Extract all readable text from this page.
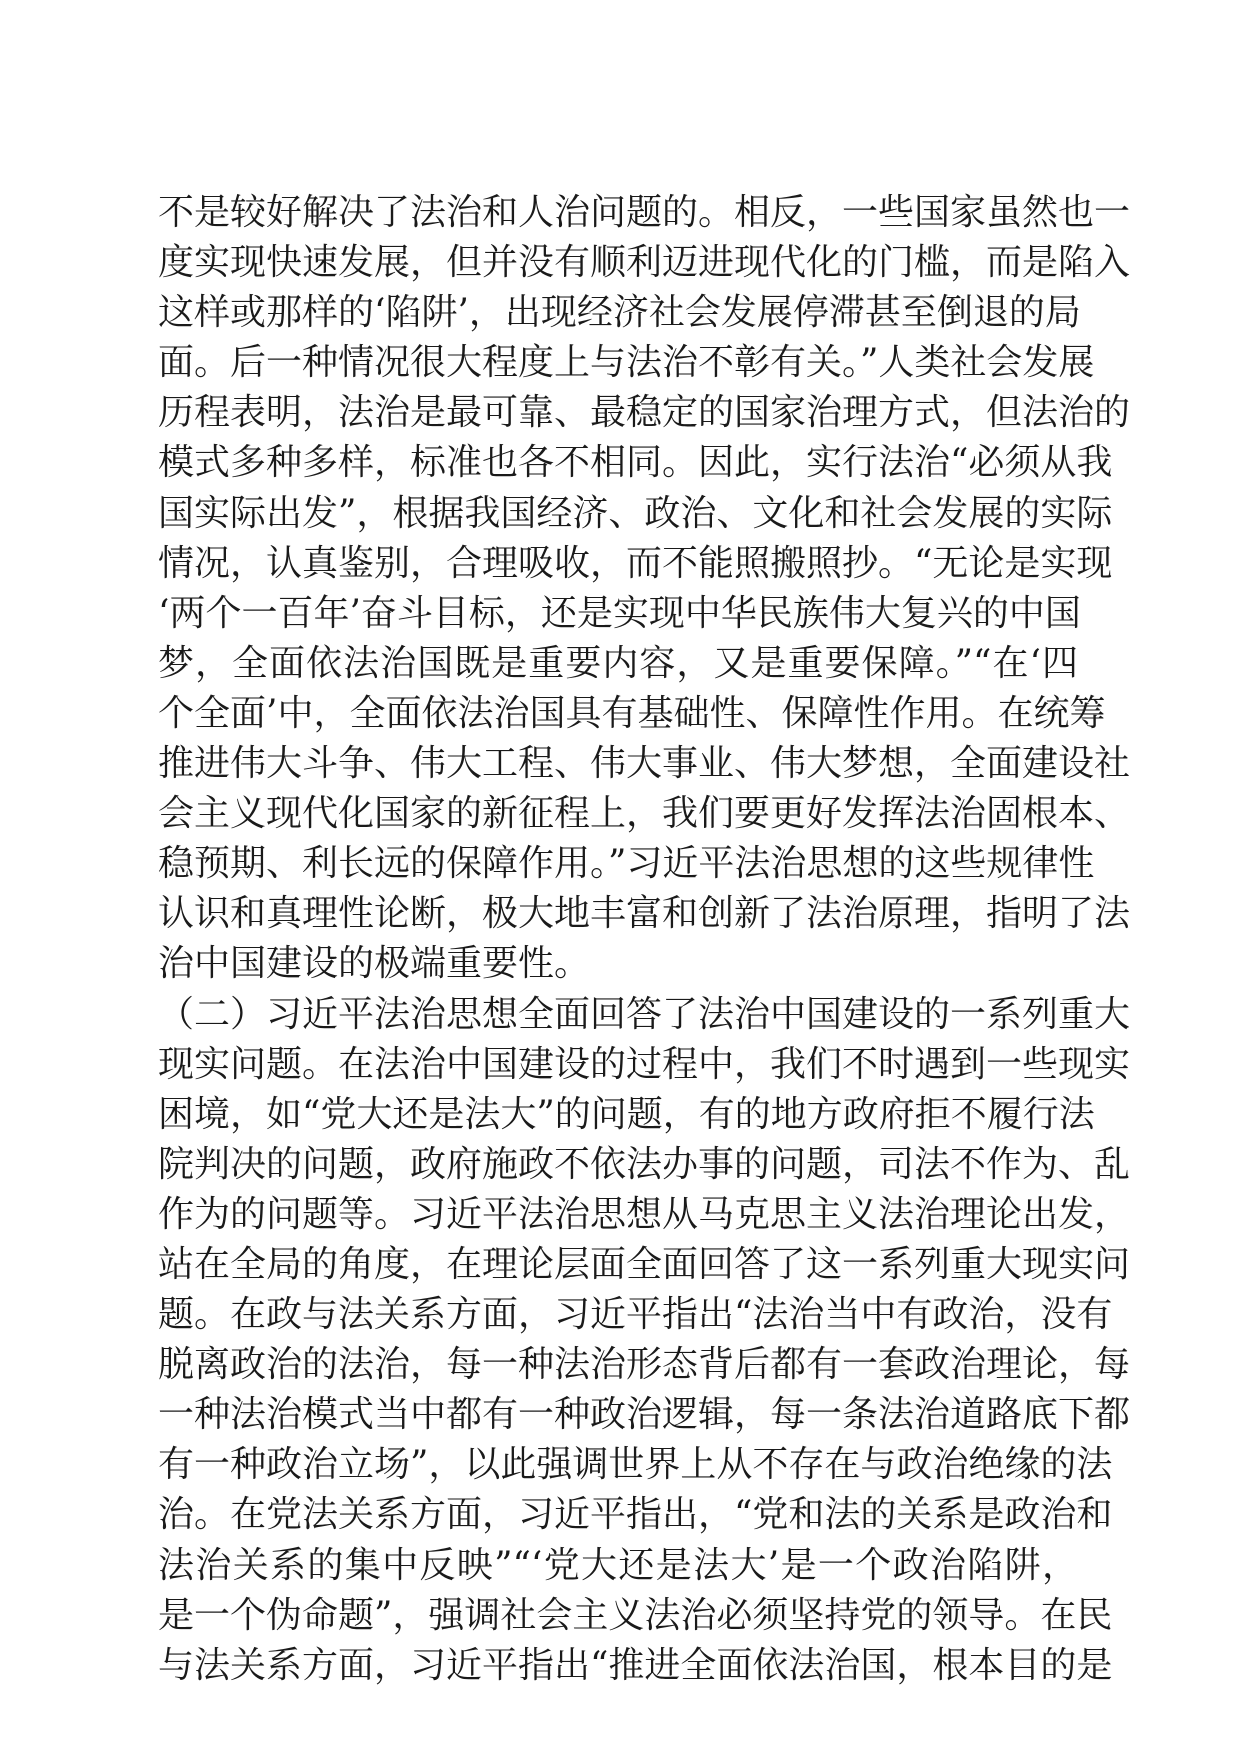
不是较好解决了法治和人治问题的。相反，一些国家虽然也一
度实现快速发展，但并没有顺利迈进现代化的门槛，而是陷入
这样或那样的‘陷阱’，出现经济社会发展停滞甚至倒退的局
面。后一种情况很大程度上与法治不彰有关。”人类社会发展
历程表明，法治是最可靠、最稳定的国家治理方式，但法治的
模式多种多样，标准也各不相同。因此，实行法治“必须从我
国实际出发”，根据我国经济、政治、文化和社会发展的实际
情况，认真鉴别，合理吸收，而不能照搬照抄。“无论是实现
‘两个一百年’奋斗目标，还是实现中华民族伟大复兴的中国
梦，全面依法治国既是重要内容，又是重要保障。”“在‘四
个全面’中，全面依法治国具有基础性、保障性作用。在统筹
推进伟大斗争、伟大工程、伟大事业、伟大梦想，全面建设社
会主义现代化国家的新征程上，我们要更好发挥法治固根本、
稳预期、利长远的保障作用。”习近平法治思想的这些规律性
认识和真理性论断，极大地丰富和创新了法治原理，指明了法
治中国建设的极端重要性。
（二）习近平法治思想全面回答了法治中国建设的一系列重大
现实问题。在法治中国建设的过程中，我们不时遇到一些现实
困境，如“党大还是法大”的问题，有的地方政府拒不履行法
院判决的问题，政府施政不依法办事的问题，司法不作为、乱
作为的问题等。习近平法治思想从马克思主义法治理论出发，
站在全局的角度，在理论层面全面回答了这一系列重大现实问
题。在政与法关系方面，习近平指出“法治当中有政治，没有
脱离政治的法治，每一种法治形态背后都有一套政治理论，每
一种法治模式当中都有一种政治逻辑，每一条法治道路底下都
有一种政治立场”，以此强调世界上从不存在与政治绝缘的法
治。在党法关系方面，习近平指出，“党和法的关系是政治和
法治关系的集中反映”“‘党大还是法大’是一个政治陷阱，
是一个伪命题”，强调社会主义法治必须坚持党的领导。在民
与法关系方面，习近平指出“推进全面依法治国，根本目的是
